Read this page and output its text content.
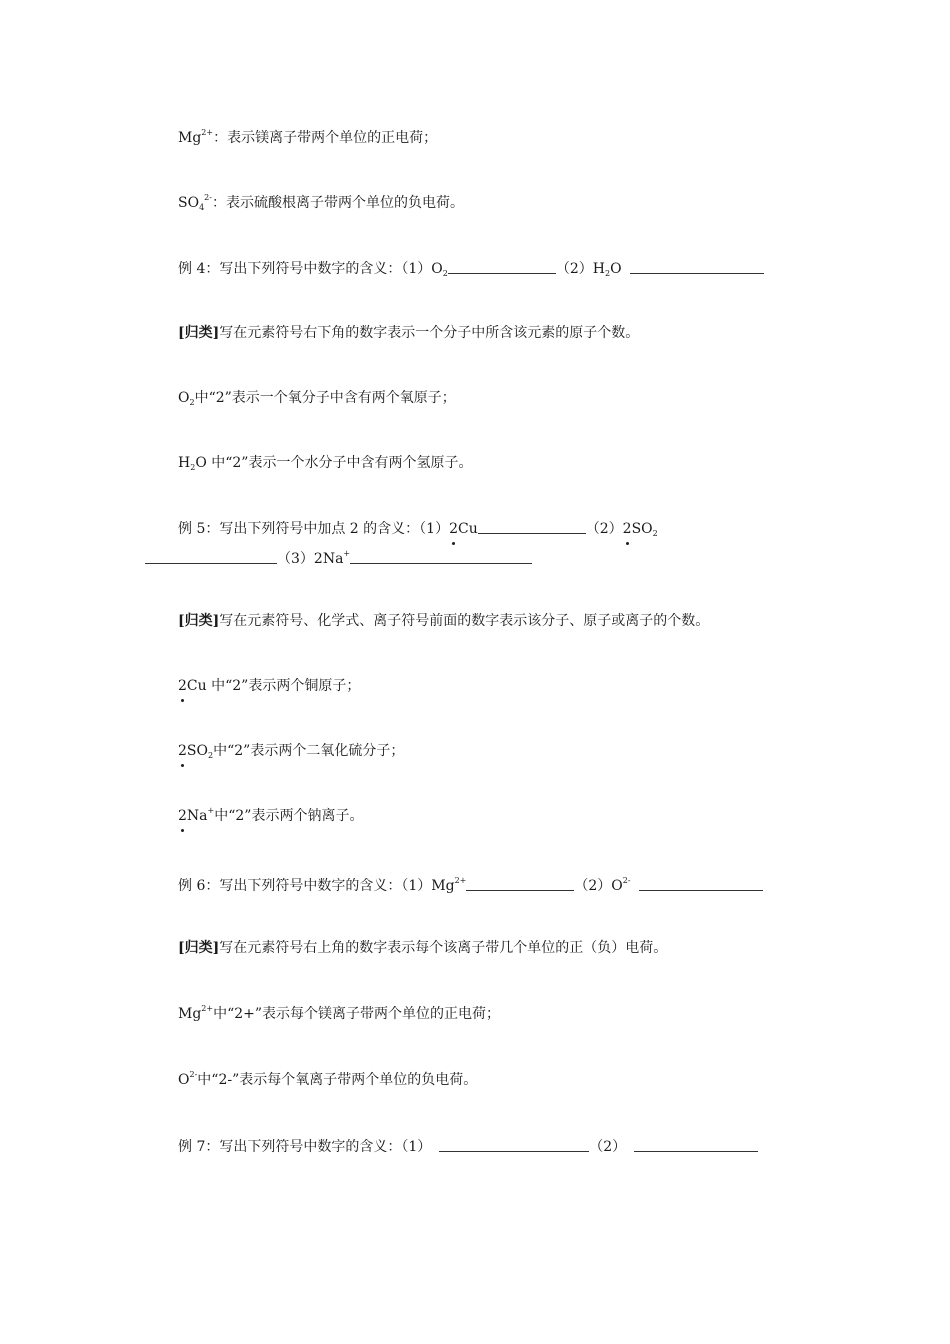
$Mg^{2+}$：表示镁离子带两个单位的正电荷；
$SO_4^{2-}$：表示硫酸根离子带两个单位的负电荷。
例 4：写出下列符号中数字的含义：$(1)O_2$	$(2)H_2O$
[归类]写在元素符号右下角的数字表示一个分子中所含该元素的原子个数。
$O_2$中“2”表示一个氧分子中含有两个氧原子；
$H_2O$ 中“2”表示一个水分子中含有两个氢原子。
例 5：写出下列符号中加点 2 的含义：（1）2Cu	$(2)2SO_2$
（3）2Na+
[归类]写在元素符号、化学式、离子符号前面的数字表示该分子、原子或离子的个数。
2Cu 中“2”表示两个铜原子；
$2SO_2$中“2”表示两个二氧化硫分子；
2Na+中“2”表示两个钠离子。
例 6：写出下列符号中数字的含义：$(1)Mg^{2+}$	$(2)O^{2-}$
[归类]写在元素符号右上角的数字表示每个该离子带几个单位的正（负）电荷。
$Mg^{2+}$中“2+”表示每个镁离子带两个单位的正电荷；
$O^{2-}$中“2-”表示每个氧离子带两个单位的负电荷。
例 7：写出下列符号中数字的含义：（1）	（2）
